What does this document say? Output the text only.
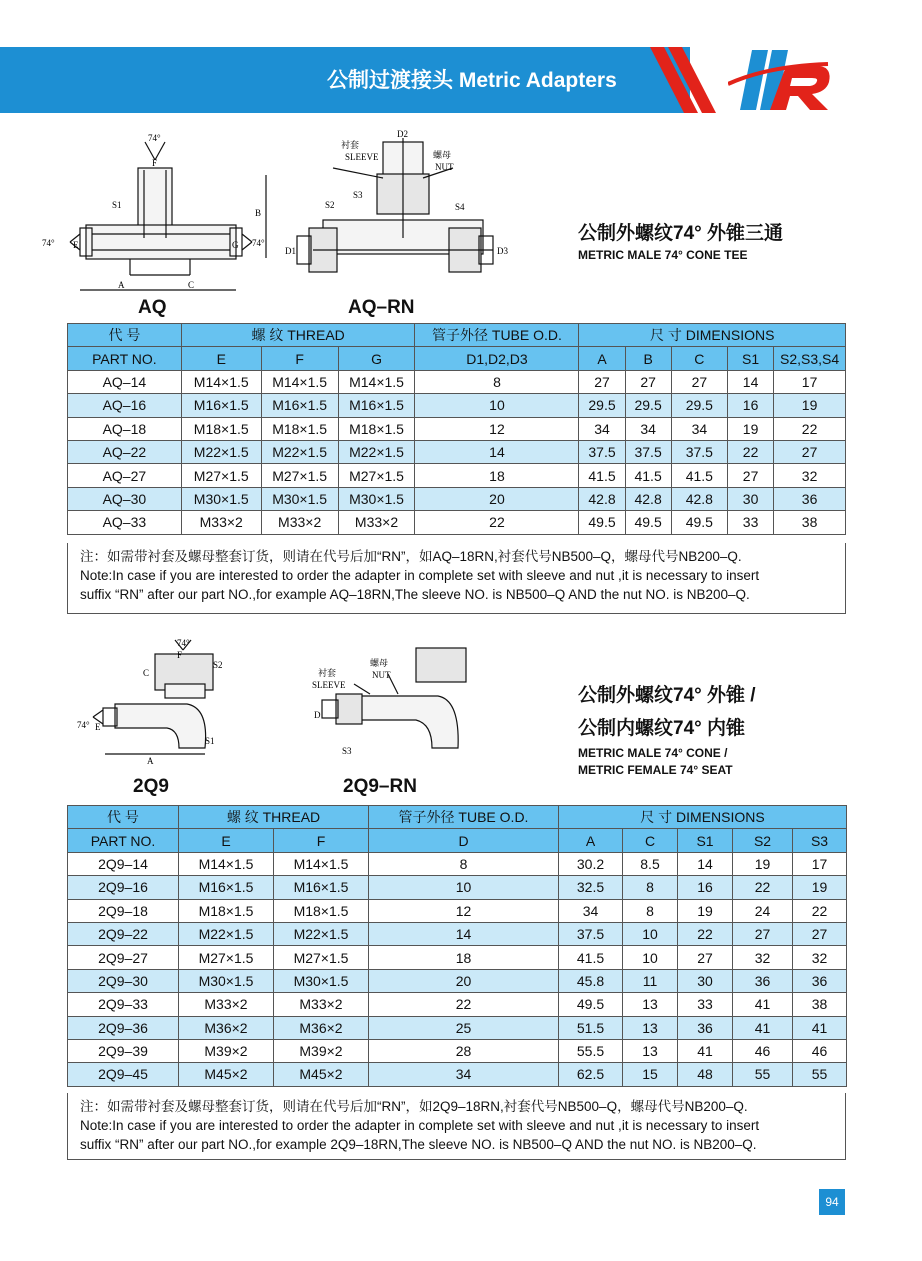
公制过渡接头 Metric Adapters
74°
F
S1
B
E	G
74°	74°
A	C
AQ
D2
衬套
SLEEVE	螺母
NUT
S2
S3
S4
D1	D3
AQ–RN
公制外螺纹74° 外锥三通
METRIC MALE 74° CONE TEE
代 号	螺 纹 THREAD			管子外径 TUBE O.D.	尺 寸 DIMENSIONS				
PART NO.	E	F	G	D1,D2,D3	A	B	C	S1	S2,S3,S4
AQ–14	M14×1.5	M14×1.5	M14×1.5	8	27	27	27	14	17
AQ–16	M16×1.5	M16×1.5	M16×1.5	10	29.5	29.5	29.5	16	19
AQ–18	M18×1.5	M18×1.5	M18×1.5	12	34	34	34	19	22
AQ–22	M22×1.5	M22×1.5	M22×1.5	14	37.5	37.5	37.5	22	27
AQ–27	M27×1.5	M27×1.5	M27×1.5	18	41.5	41.5	41.5	27	32
AQ–30	M30×1.5	M30×1.5	M30×1.5	20	42.8	42.8	42.8	30	36
AQ–33	M33×2	M33×2	M33×2	22	49.5	49.5	49.5	33	38
注：如需带衬套及螺母整套订货，则请在代号后加“RN”，如AQ–18RN,衬套代号NB500–Q，螺母代号NB200–Q.
Note:In case if you are interested to order the adapter in complete set with sleeve and nut ,it is necessary to insert
suffix “RN” after our part NO.,for example AQ–18RN,The sleeve NO. is NB500–Q AND the nut NO. is NB200–Q.
74°
F
C
S2
E
74°
S1
A
2Q9
衬套
SLEEVE
螺母
NUT
D
S3
2Q9–RN
公制外螺纹74° 外锥 /
公制内螺纹74° 内锥
METRIC MALE 74° CONE /
METRIC FEMALE 74° SEAT
代 号	螺 纹 THREAD		管子外径 TUBE O.D.	尺 寸 DIMENSIONS				
PART NO.	E	F	D	A	C	S1	S2	S3
2Q9–14	M14×1.5	M14×1.5	8	30.2	8.5	14	19	17
2Q9–16	M16×1.5	M16×1.5	10	32.5	8	16	22	19
2Q9–18	M18×1.5	M18×1.5	12	34	8	19	24	22
2Q9–22	M22×1.5	M22×1.5	14	37.5	10	22	27	27
2Q9–27	M27×1.5	M27×1.5	18	41.5	10	27	32	32
2Q9–30	M30×1.5	M30×1.5	20	45.8	11	30	36	36
2Q9–33	M33×2	M33×2	22	49.5	13	33	41	38
2Q9–36	M36×2	M36×2	25	51.5	13	36	41	41
2Q9–39	M39×2	M39×2	28	55.5	13	41	46	46
2Q9–45	M45×2	M45×2	34	62.5	15	48	55	55
注：如需带衬套及螺母整套订货，则请在代号后加“RN”，如2Q9–18RN,衬套代号NB500–Q，螺母代号NB200–Q.
Note:In case if you are interested to order the adapter in complete set with sleeve and nut ,it is necessary to insert
suffix “RN” after our part NO.,for example 2Q9–18RN,The sleeve NO. is NB500–Q AND the nut NO. is NB200–Q.
94
